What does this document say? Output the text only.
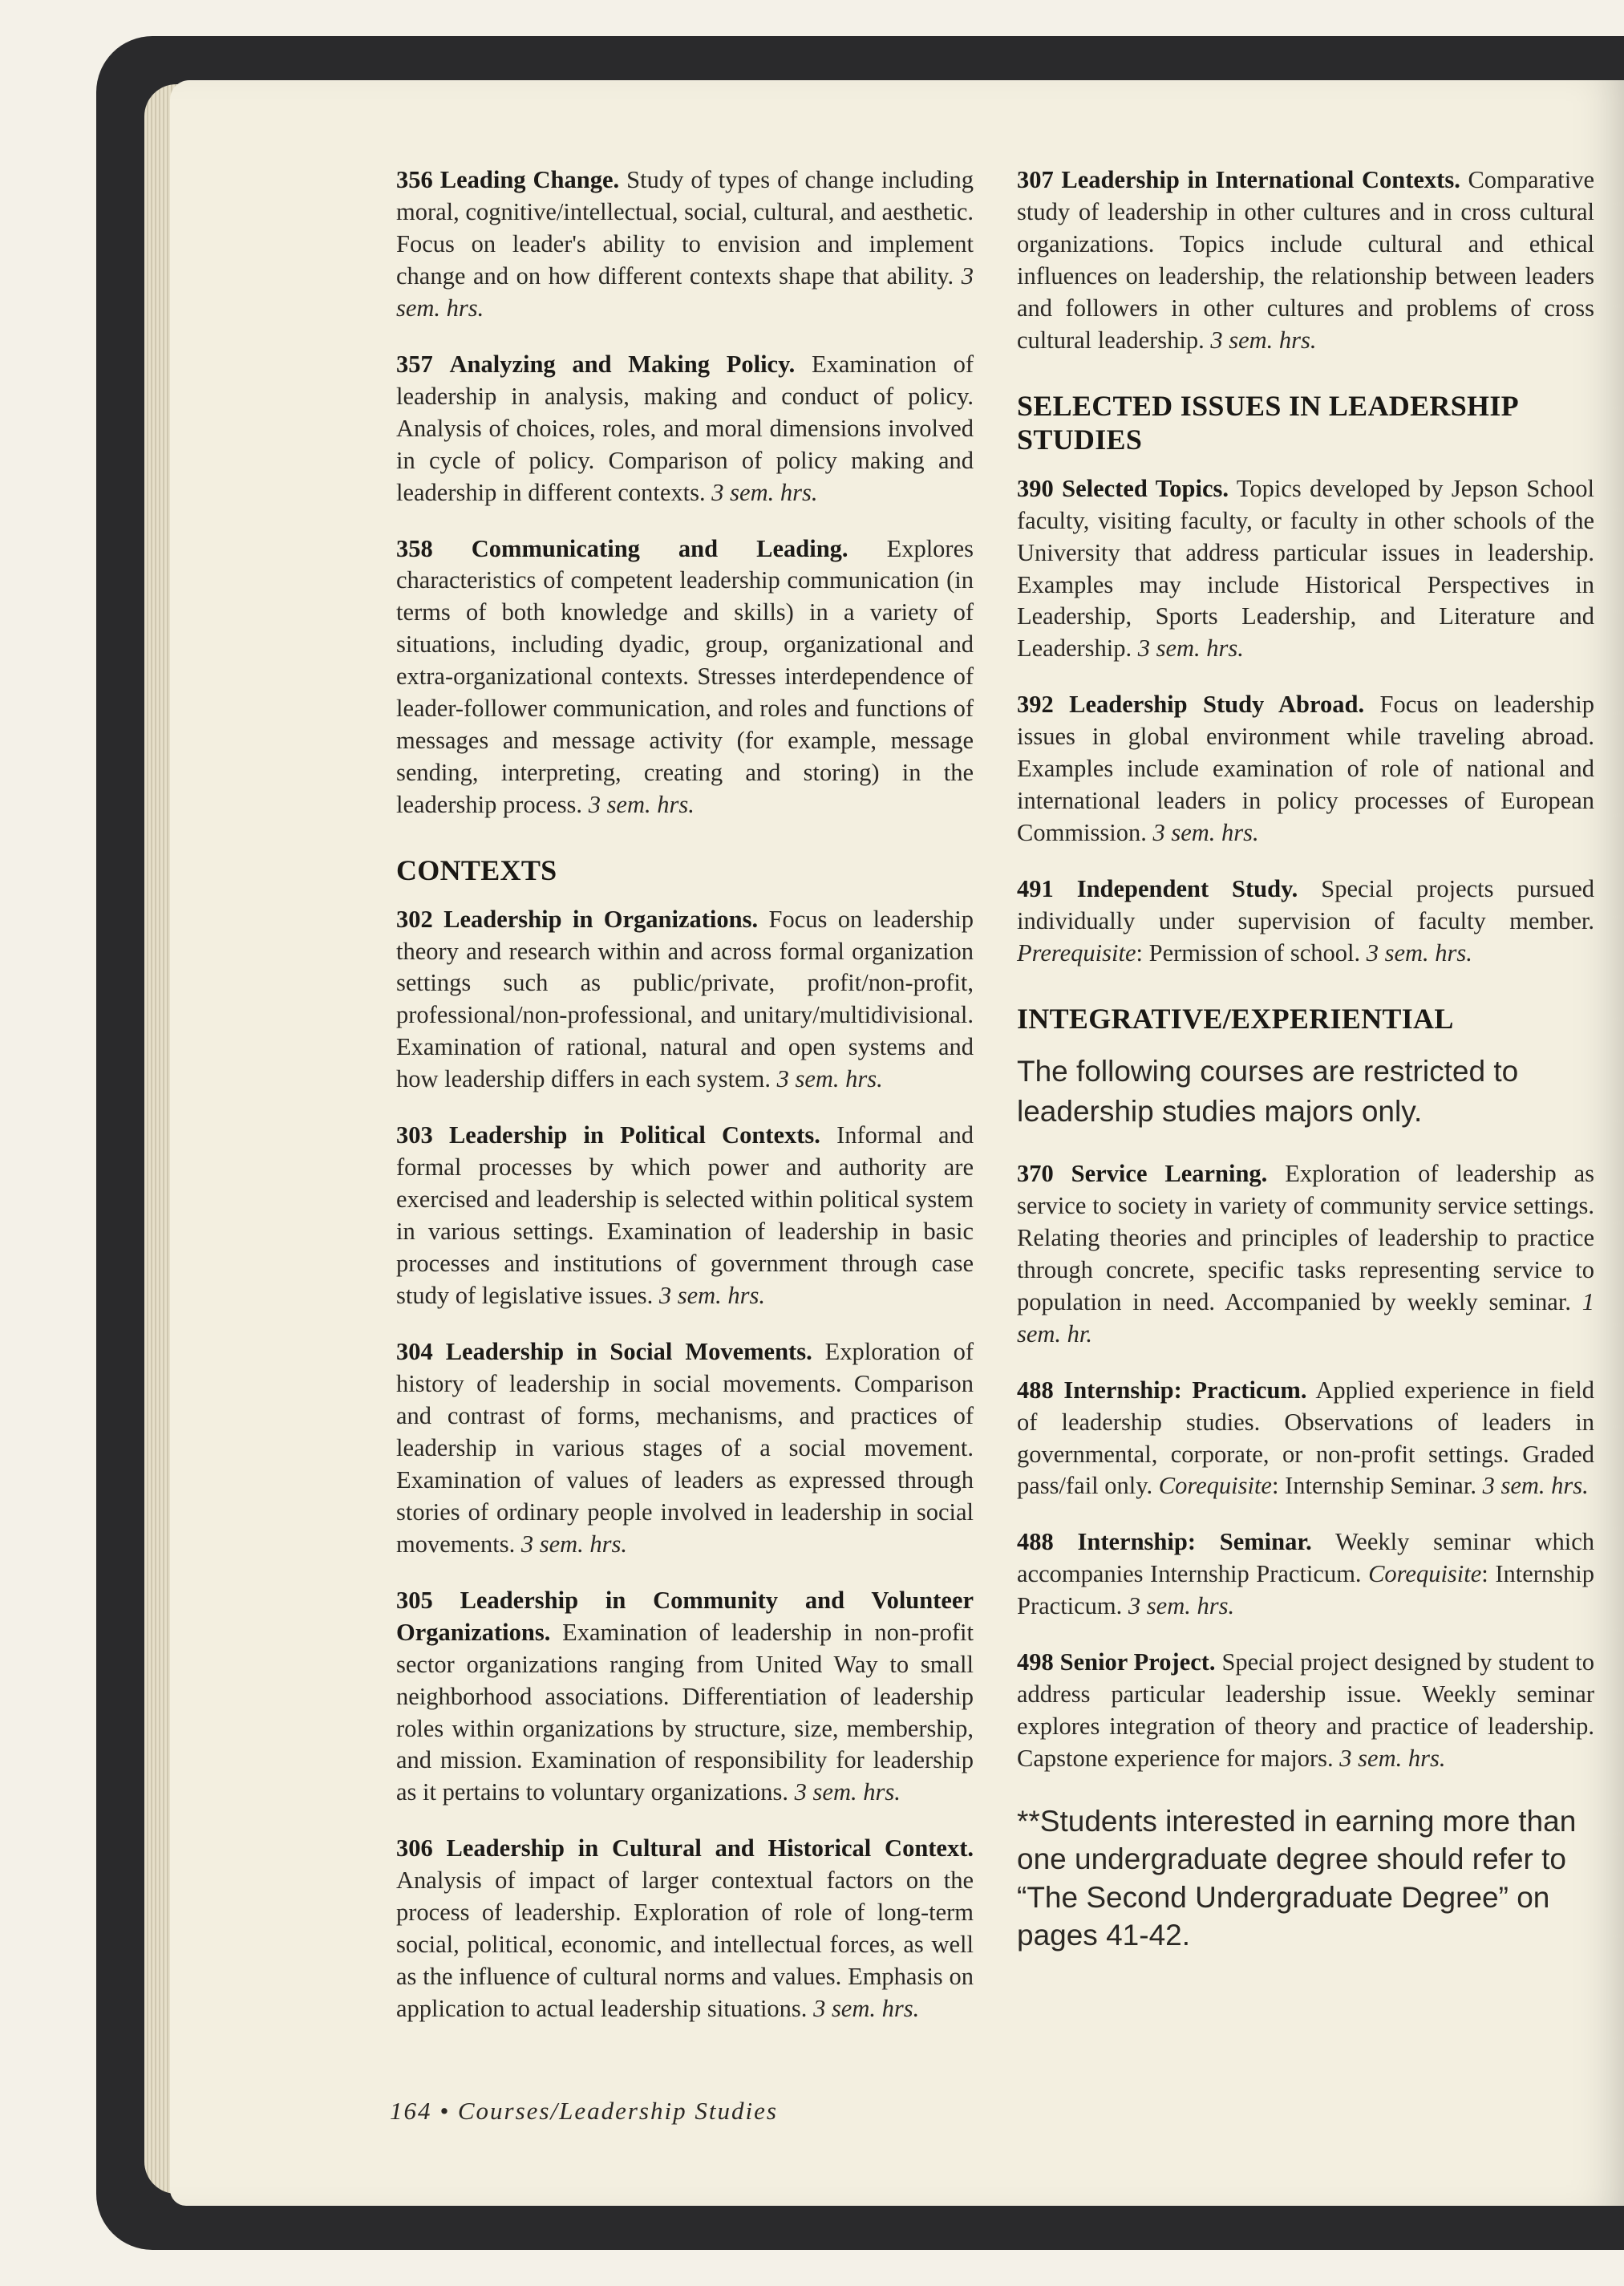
356 Leading Change. Study of types of change including moral, cognitive/intellectual, social, cultural, and aesthetic. Focus on leader's ability to envision and implement change and on how different contexts shape that ability. 3 sem. hrs.

357 Analyzing and Making Policy. Examination of leadership in analysis, making and conduct of policy. Analysis of choices, roles, and moral dimensions involved in cycle of policy. Comparison of policy making and leadership in different contexts. 3 sem. hrs.

358 Communicating and Leading. Explores characteristics of competent leadership communication (in terms of both knowledge and skills) in a variety of situations, including dyadic, group, organizational and extra-organizational contexts. Stresses interdependence of leader-follower communication, and roles and functions of messages and message activity (for example, message sending, interpreting, creating and storing) in the leadership process. 3 sem. hrs.

CONTEXTS

302 Leadership in Organizations. Focus on leadership theory and research within and across formal organization settings such as public/private, profit/non-profit, professional/non-professional, and unitary/multidivisional. Examination of rational, natural and open systems and how leadership differs in each system. 3 sem. hrs.

303 Leadership in Political Contexts. Informal and formal processes by which power and authority are exercised and leadership is selected within political system in various settings. Examination of leadership in basic processes and institutions of government through case study of legislative issues. 3 sem. hrs.

304 Leadership in Social Movements. Exploration of history of leadership in social movements. Comparison and contrast of forms, mechanisms, and practices of leadership in various stages of a social movement. Examination of values of leaders as expressed through stories of ordinary people involved in leadership in social movements. 3 sem. hrs.

305 Leadership in Community and Volunteer Organizations. Examination of leadership in non-profit sector organizations ranging from United Way to small neighborhood associations. Differentiation of leadership roles within organizations by structure, size, membership, and mission. Examination of responsibility for leadership as it pertains to voluntary organizations. 3 sem. hrs.

306 Leadership in Cultural and Historical Context. Analysis of impact of larger contextual factors on the process of leadership. Exploration of role of long-term social, political, economic, and intellectual forces, as well as the influence of cultural norms and values. Emphasis on application to actual leadership situations. 3 sem. hrs.

307 Leadership in International Contexts. Comparative study of leadership in other cultures and in cross cultural organizations. Topics include cultural and ethical influences on leadership, the relationship between leaders and followers in other cultures and problems of cross cultural leadership. 3 sem. hrs.

SELECTED ISSUES IN LEADERSHIP STUDIES

390 Selected Topics. Topics developed by Jepson School faculty, visiting faculty, or faculty in other schools of the University that address particular issues in leadership. Examples may include Historical Perspectives in Leadership, Sports Leadership, and Literature and Leadership. 3 sem. hrs.

392 Leadership Study Abroad. Focus on leadership issues in global environment while traveling abroad. Examples include examination of role of national and international leaders in policy processes of European Commission. 3 sem. hrs.

491 Independent Study. Special projects pursued individually under supervision of faculty member. Prerequisite: Permission of school. 3 sem. hrs.

INTEGRATIVE/EXPERIENTIAL
The following courses are restricted to leadership studies majors only.

370 Service Learning. Exploration of leadership as service to society in variety of community service settings. Relating theories and principles of leadership to practice through concrete, specific tasks representing service to population in need. Accompanied by weekly seminar. 1 sem. hr.

488 Internship: Practicum. Applied experience in field of leadership studies. Observations of leaders in governmental, corporate, or non-profit settings. Graded pass/fail only. Corequisite: Internship Seminar. 3 sem. hrs.

488 Internship: Seminar. Weekly seminar which accompanies Internship Practicum. Corequisite: Internship Practicum. 3 sem. hrs.

498 Senior Project. Special project designed by student to address particular leadership issue. Weekly seminar explores integration of theory and practice of leadership. Capstone experience for majors. 3 sem. hrs.

**Students interested in earning more than one undergraduate degree should refer to “The Second Undergraduate Degree” on pages 41-42.
164 • Courses/Leadership Studies
